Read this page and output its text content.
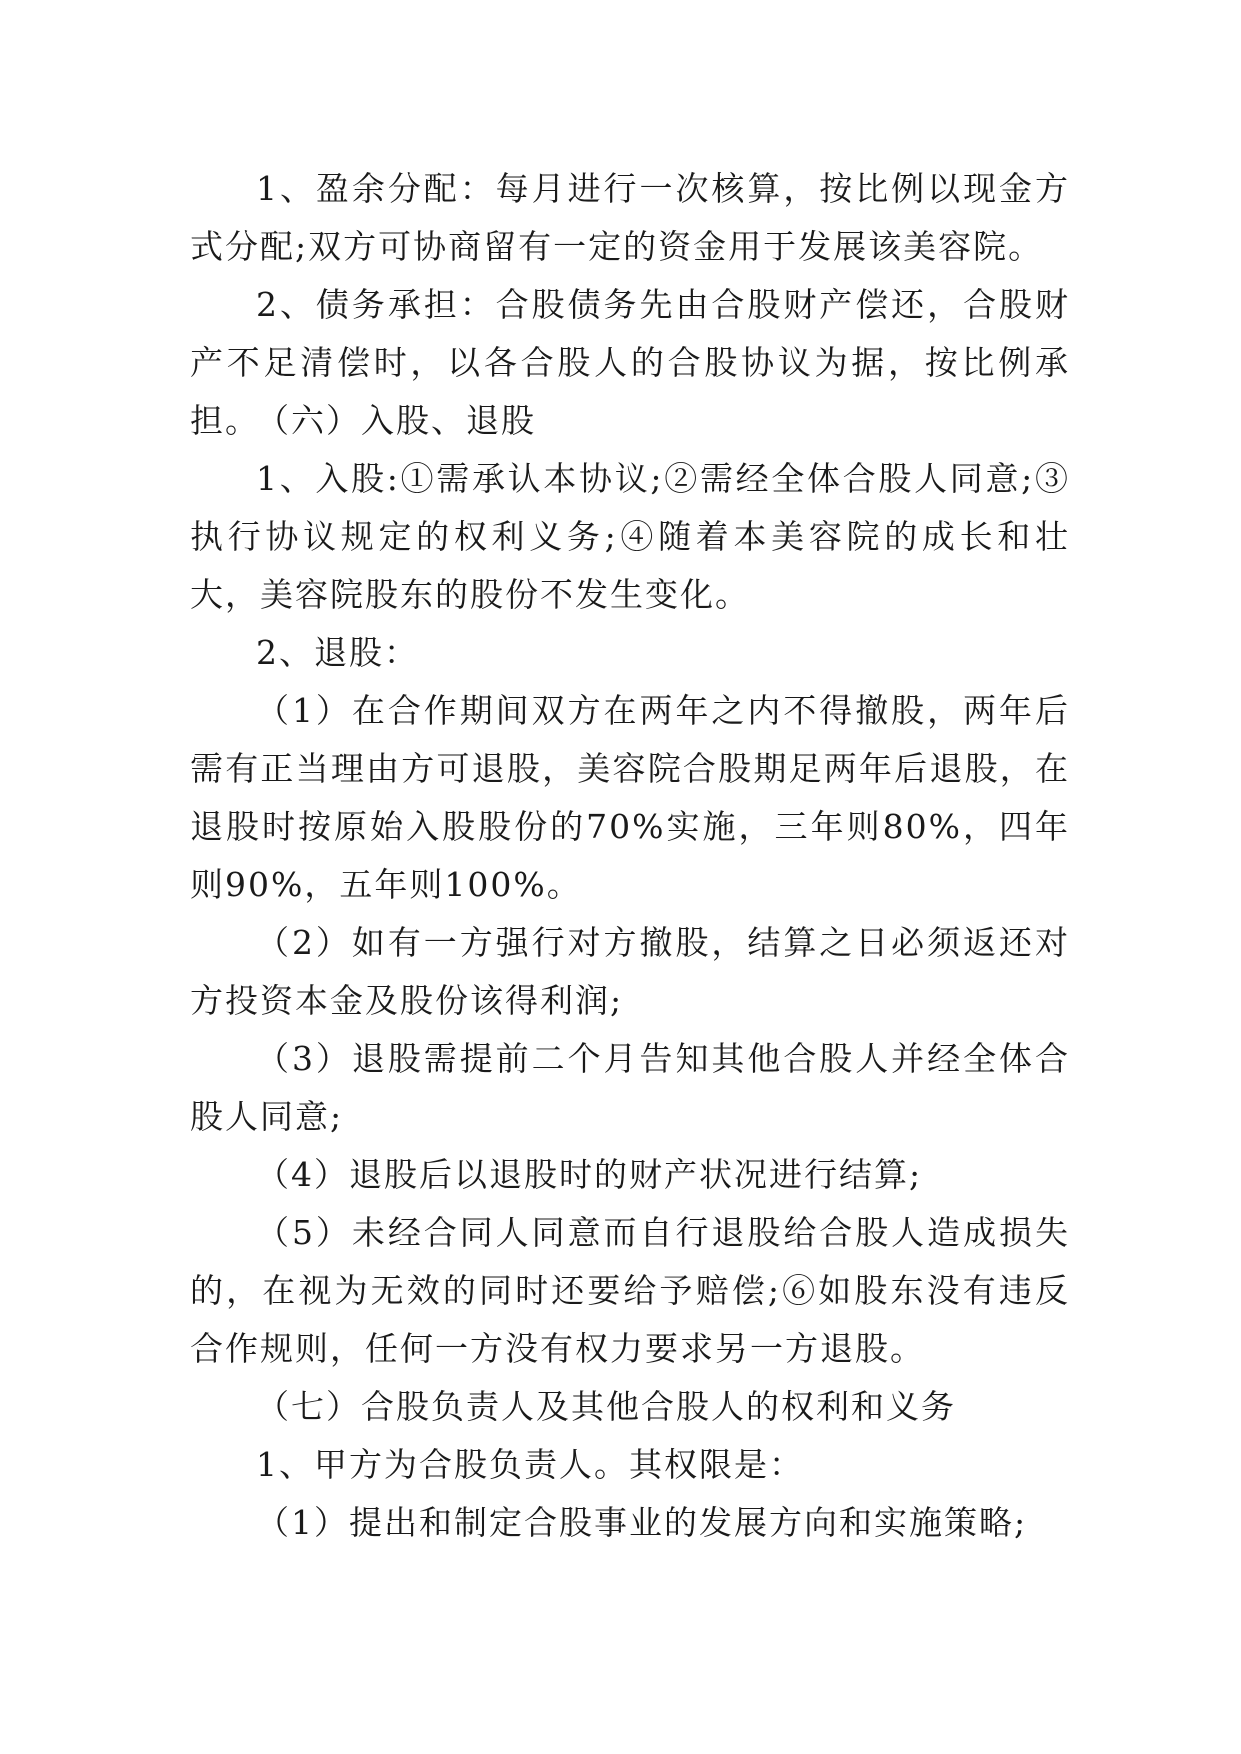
1、盈余分配：每月进行一次核算，按比例以现金方式分配;双方可协商留有一定的资金用于发展该美容院。

2、债务承担：合股债务先由合股财产偿还，合股财产不足清偿时，以各合股人的合股协议为据，按比例承担。

（六）入股、退股

1、入股:①需承认本协议;②需经全体合股人同意;③执行协议规定的权利义务;④随着本美容院的成长和壮大，美容院股东的股份不发生变化。

2、退股：

（1）在合作期间双方在两年之内不得撤股，两年后需有正当理由方可退股，美容院合股期足两年后退股，在退股时按原始入股股份的70%实施，三年则80%，四年则90%，五年则100%。

（2）如有一方强行对方撤股，结算之日必须返还对方投资本金及股份该得利润;

（3）退股需提前二个月告知其他合股人并经全体合股人同意;

（4）退股后以退股时的财产状况进行结算;

（5）未经合同人同意而自行退股给合股人造成损失的，在视为无效的同时还要给予赔偿;⑥如股东没有违反合作规则，任何一方没有权力要求另一方退股。

（七）合股负责人及其他合股人的权利和义务

1、甲方为合股负责人。其权限是：

（1）提出和制定合股事业的发展方向和实施策略;
